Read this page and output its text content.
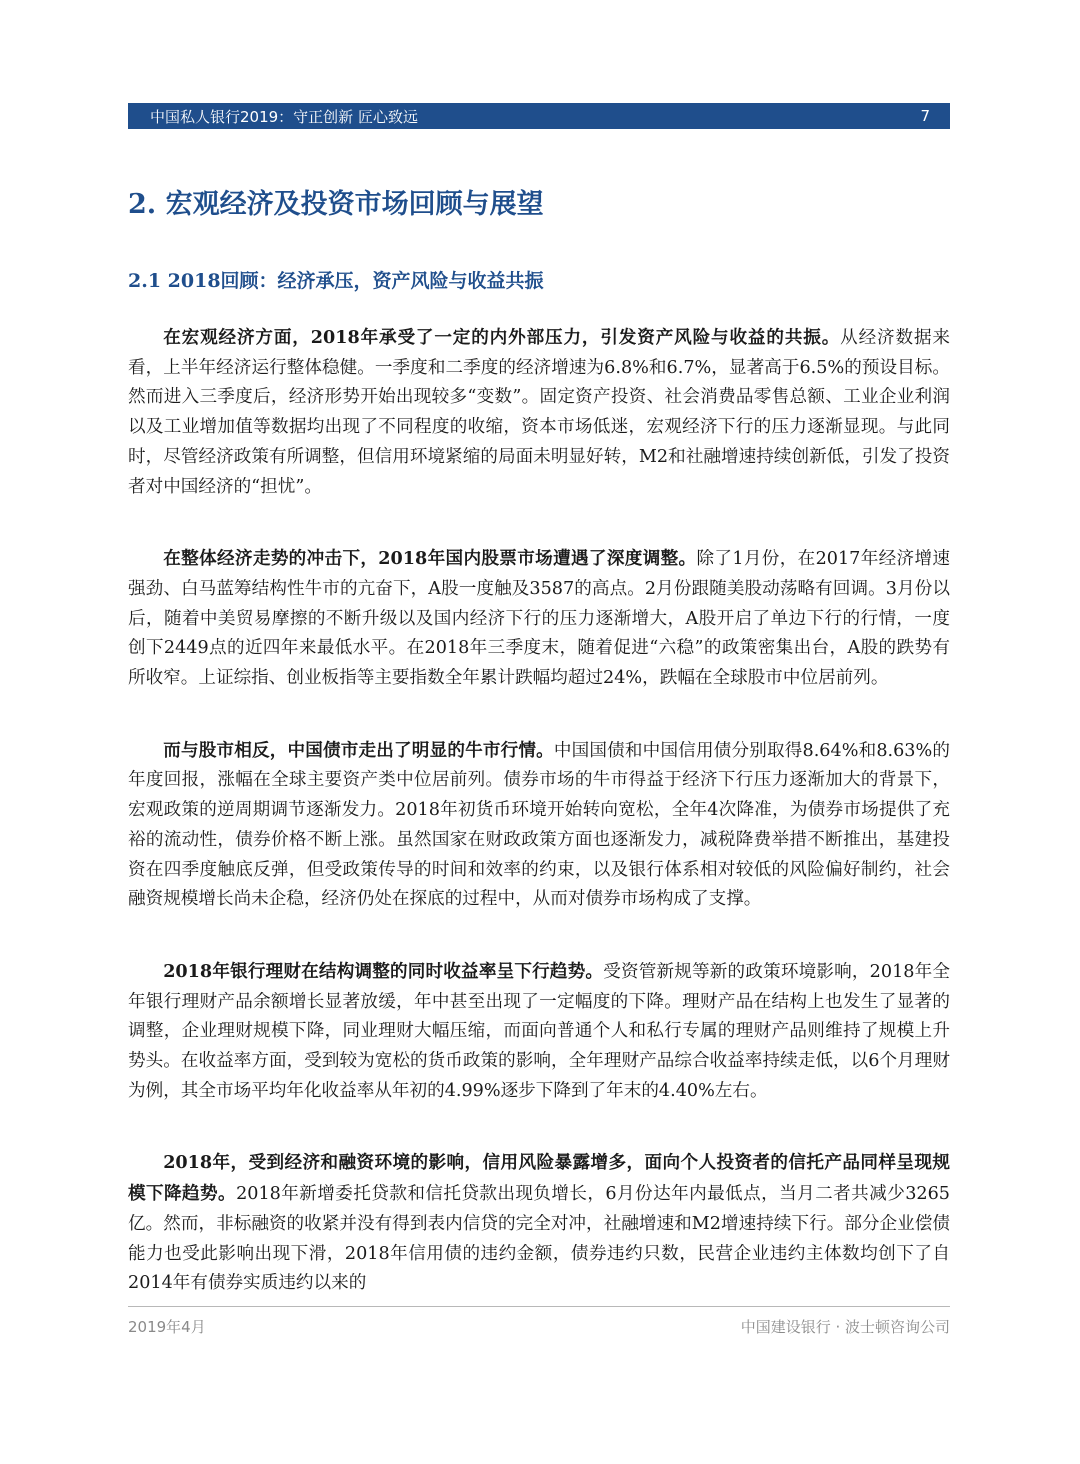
中国私人银行2019：守正创新 匠心致远	7
2. 宏观经济及投资市场回顾与展望
2.1 2018回顾：经济承压，资产风险与收益共振

在宏观经济方面，2018年承受了一定的内外部压力，引发资产风险与收益的共振。从经济数据来看，上半年经济运行整体稳健。一季度和二季度的经济增速为6.8%和6.7%，显著高于6.5%的预设目标。然而进入三季度后，经济形势开始出现较多“变数”。固定资产投资、社会消费品零售总额、工业企业利润以及工业增加值等数据均出现了不同程度的收缩，资本市场低迷，宏观经济下行的压力逐渐显现。与此同时，尽管经济政策有所调整，但信用环境紧缩的局面未明显好转，M2和社融增速持续创新低，引发了投资者对中国经济的“担忧”。

在整体经济走势的冲击下，2018年国内股票市场遭遇了深度调整。除了1月份，在2017年经济增速强劲、白马蓝筹结构性牛市的亢奋下，A股一度触及3587的高点。2月份跟随美股动荡略有回调。3月份以后，随着中美贸易摩擦的不断升级以及国内经济下行的压力逐渐增大，A股开启了单边下行的行情，一度创下2449点的近四年来最低水平。在2018年三季度末，随着促进“六稳”的政策密集出台，A股的跌势有所收窄。上证综指、创业板指等主要指数全年累计跌幅均超过24%，跌幅在全球股市中位居前列。

而与股市相反，中国债市走出了明显的牛市行情。中国国债和中国信用债分别取得8.64%和8.63%的年度回报，涨幅在全球主要资产类中位居前列。债券市场的牛市得益于经济下行压力逐渐加大的背景下，宏观政策的逆周期调节逐渐发力。2018年初货币环境开始转向宽松，全年4次降准，为债券市场提供了充裕的流动性，债券价格不断上涨。虽然国家在财政政策方面也逐渐发力，减税降费举措不断推出，基建投资在四季度触底反弹，但受政策传导的时间和效率的约束，以及银行体系相对较低的风险偏好制约，社会融资规模增长尚未企稳，经济仍处在探底的过程中，从而对债券市场构成了支撑。

2018年银行理财在结构调整的同时收益率呈下行趋势。受资管新规等新的政策环境影响，2018年全年银行理财产品余额增长显著放缓，年中甚至出现了一定幅度的下降。理财产品在结构上也发生了显著的调整，企业理财规模下降，同业理财大幅压缩，而面向普通个人和私行专属的理财产品则维持了规模上升势头。在收益率方面，受到较为宽松的货币政策的影响，全年理财产品综合收益率持续走低，以6个月理财为例，其全市场平均年化收益率从年初的4.99%逐步下降到了年末的4.40%左右。

2018年，受到经济和融资环境的影响，信用风险暴露增多，面向个人投资者的信托产品同样呈现规模下降趋势。2018年新增委托贷款和信托贷款出现负增长，6月份达年内最低点，当月二者共减少3265亿。然而，非标融资的收紧并没有得到表内信贷的完全对冲，社融增速和M2增速持续下行。部分企业偿债能力也受此影响出现下滑，2018年信用债的违约金额，债券违约只数，民营企业违约主体数均创下了自2014年有债券实质违约以来的

2019年4月	中国建设银行 · 波士顿咨询公司
